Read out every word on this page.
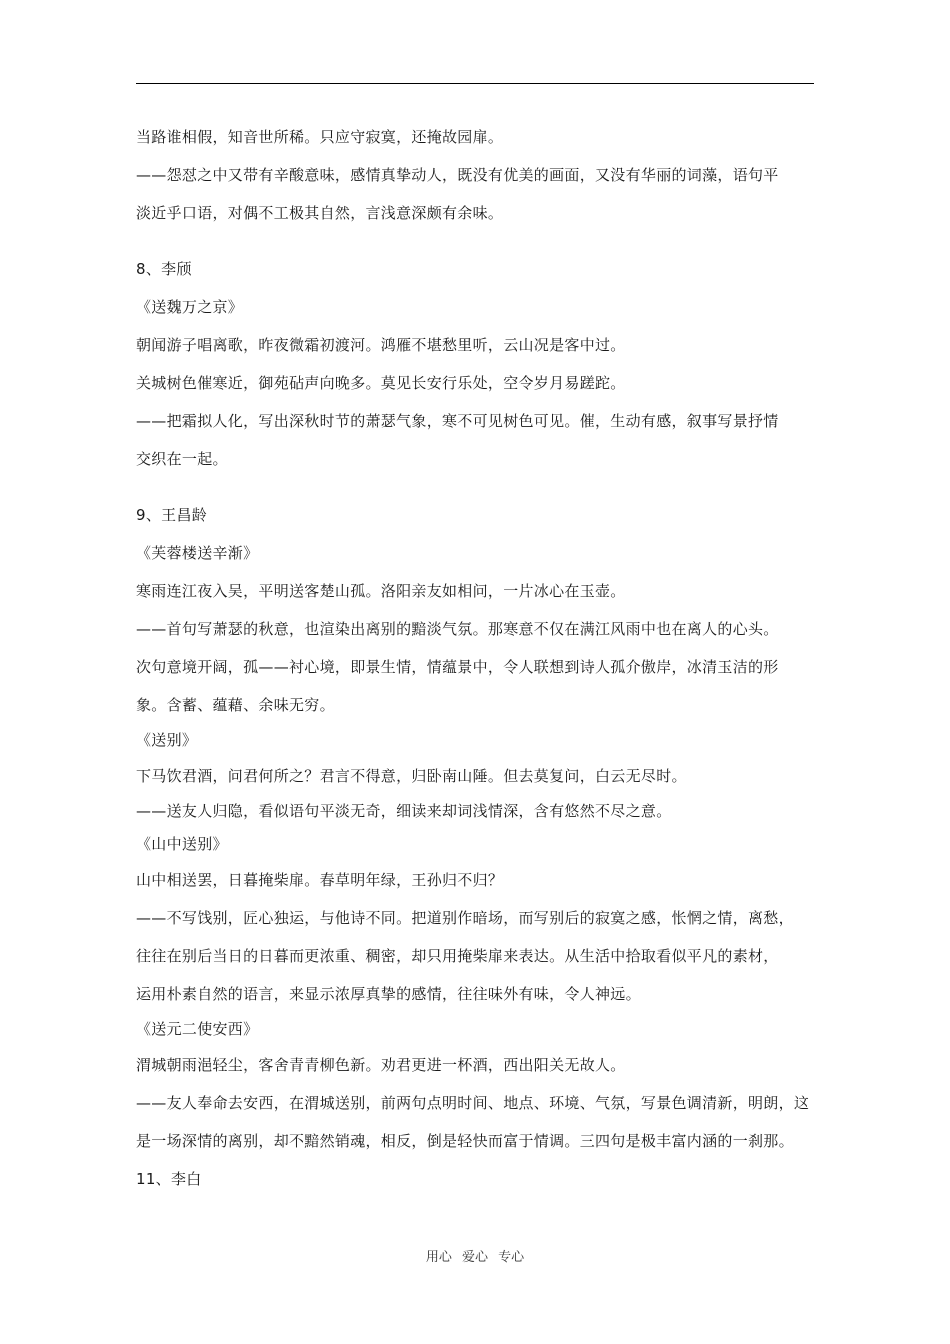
当路谁相假，知音世所稀。只应守寂寞，还掩故园扉。
——怨怼之中又带有辛酸意味，感情真挚动人，既没有优美的画面，又没有华丽的词藻，语句平
淡近乎口语，对偶不工极其自然，言浅意深颇有余味。
8、李颀
《送魏万之京》
朝闻游子唱离歌，昨夜微霜初渡河。鸿雁不堪愁里听，云山况是客中过。
关城树色催寒近，御苑砧声向晚多。莫见长安行乐处，空令岁月易蹉跎。
——把霜拟人化，写出深秋时节的萧瑟气象，寒不可见树色可见。催，生动有感，叙事写景抒情
交织在一起。
9、王昌龄
《芙蓉楼送辛渐》
寒雨连江夜入吴，平明送客楚山孤。洛阳亲友如相问，一片冰心在玉壶。
——首句写萧瑟的秋意，也渲染出离别的黯淡气氛。那寒意不仅在满江风雨中也在离人的心头。
次句意境开阔，孤——衬心境，即景生情，情蕴景中，令人联想到诗人孤介傲岸，冰清玉洁的形
象。含蓄、蕴藉、余味无穷。
《送别》
下马饮君酒，问君何所之？君言不得意，归卧南山陲。但去莫复问，白云无尽时。
——送友人归隐，看似语句平淡无奇，细读来却词浅情深，含有悠然不尽之意。
《山中送别》
山中相送罢，日暮掩柴扉。春草明年绿，王孙归不归？
——不写饯别，匠心独运，与他诗不同。把道别作暗场，而写别后的寂寞之感，怅惘之情，离愁，
往往在别后当日的日暮而更浓重、稠密，却只用掩柴扉来表达。从生活中拾取看似平凡的素材，
运用朴素自然的语言，来显示浓厚真挚的感情，往往味外有味，令人神远。
《送元二使安西》
渭城朝雨浥轻尘，客舍青青柳色新。劝君更进一杯酒，西出阳关无故人。
——友人奉命去安西，在渭城送别，前两句点明时间、地点、环境、气氛，写景色调清新，明朗，这
是一场深情的离别，却不黯然销魂，相反，倒是轻快而富于情调。三四句是极丰富内涵的一刹那。
11、李白
用心 爱心 专心
